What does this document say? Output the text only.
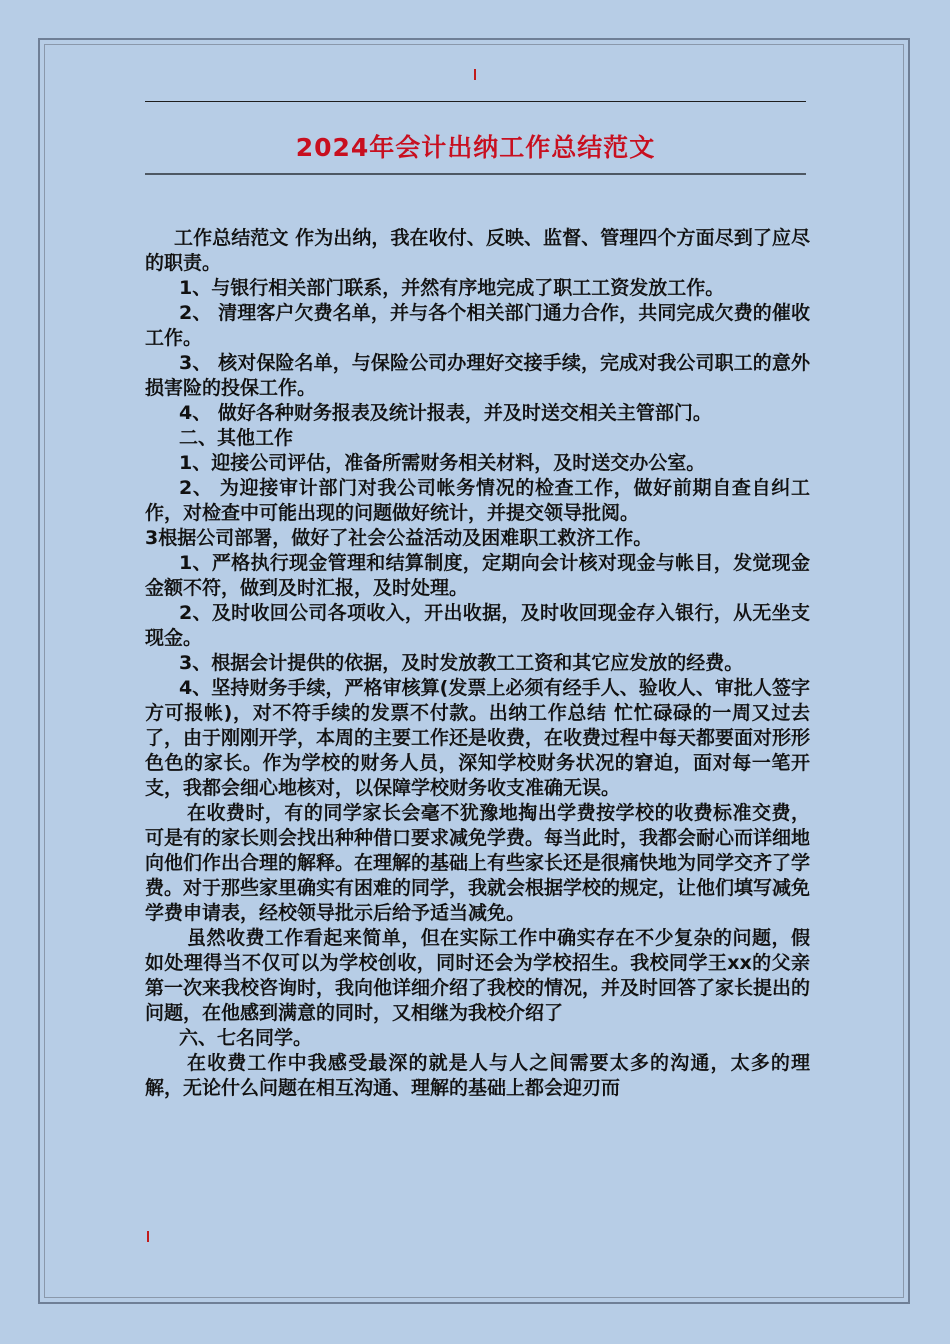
2024年会计出纳工作总结范文

工作总结范文 作为出纳，我在收付、反映、监督、管理四个方面尽到了应尽的职责。

1、与银行相关部门联系，并然有序地完成了职工工资发放工作。

2、 清理客户欠费名单，并与各个相关部门通力合作，共同完成欠费的催收工作。

3、 核对保险名单，与保险公司办理好交接手续，完成对我公司职工的意外损害险的投保工作。

4、 做好各种财务报表及统计报表，并及时送交相关主管部门。

二、其他工作

1、迎接公司评估，准备所需财务相关材料，及时送交办公室。

2、 为迎接审计部门对我公司帐务情况的检查工作，做好前期自查自纠工作，对检查中可能出现的问题做好统计，并提交领导批阅。

3根据公司部署，做好了社会公益活动及困难职工救济工作。

1、严格执行现金管理和结算制度，定期向会计核对现金与帐目，发觉现金金额不符，做到及时汇报，及时处理。

2、及时收回公司各项收入，开出收据，及时收回现金存入银行，从无坐支现金。

3、根据会计提供的依据，及时发放教工工资和其它应发放的经费。

4、坚持财务手续，严格审核算(发票上必须有经手人、验收人、审批人签字方可报帐)，对不符手续的发票不付款。出纳工作总结 忙忙碌碌的一周又过去了，由于刚刚开学，本周的主要工作还是收费，在收费过程中每天都要面对形形色色的家长。作为学校的财务人员，深知学校财务状况的窘迫，面对每一笔开支，我都会细心地核对，以保障学校财务收支准确无误。

在收费时，有的同学家长会毫不犹豫地掏出学费按学校的收费标准交费，可是有的家长则会找出种种借口要求减免学费。每当此时，我都会耐心而详细地向他们作出合理的解释。在理解的基础上有些家长还是很痛快地为同学交齐了学费。对于那些家里确实有困难的同学，我就会根据学校的规定，让他们填写减免学费申请表，经校领导批示后给予适当减免。

虽然收费工作看起来简单，但在实际工作中确实存在不少复杂的问题，假如处理得当不仅可以为学校创收，同时还会为学校招生。我校同学王xx的父亲第一次来我校咨询时，我向他详细介绍了我校的情况，并及时回答了家长提出的问题，在他感到满意的同时，又相继为我校介绍了

六、七名同学。

在收费工作中我感受最深的就是人与人之间需要太多的沟通，太多的理解，无论什么问题在相互沟通、理解的基础上都会迎刃而
